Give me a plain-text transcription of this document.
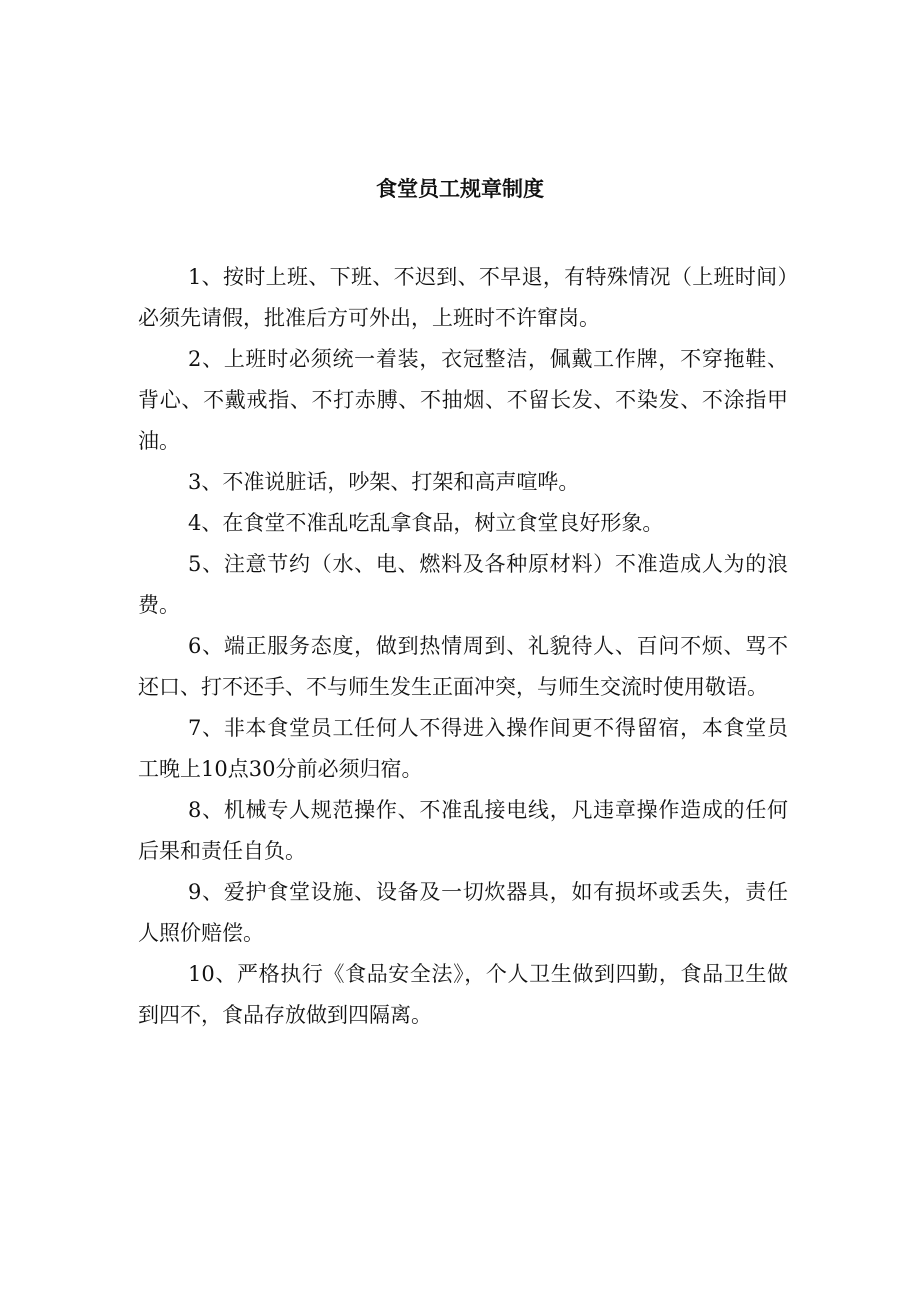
食堂员工规章制度

1、按时上班、下班、不迟到、不早退，有特殊情况（上班时间）必须先请假，批准后方可外出，上班时不许窜岗。

2、上班时必须统一着装，衣冠整洁，佩戴工作牌，不穿拖鞋、背心、不戴戒指、不打赤膊、不抽烟、不留长发、不染发、不涂指甲油。

3、不准说脏话，吵架、打架和高声喧哗。

4、在食堂不准乱吃乱拿食品，树立食堂良好形象。

5、注意节约（水、电、燃料及各种原材料）不准造成人为的浪费。

6、端正服务态度，做到热情周到、礼貌待人、百问不烦、骂不还口、打不还手、不与师生发生正面冲突，与师生交流时使用敬语。

7、非本食堂员工任何人不得进入操作间更不得留宿，本食堂员工晚上10点30分前必须归宿。

8、机械专人规范操作、不准乱接电线，凡违章操作造成的任何后果和责任自负。

9、爱护食堂设施、设备及一切炊器具，如有损坏或丢失，责任人照价赔偿。

10、严格执行《食品安全法》，个人卫生做到四勤，食品卫生做到四不，食品存放做到四隔离。
